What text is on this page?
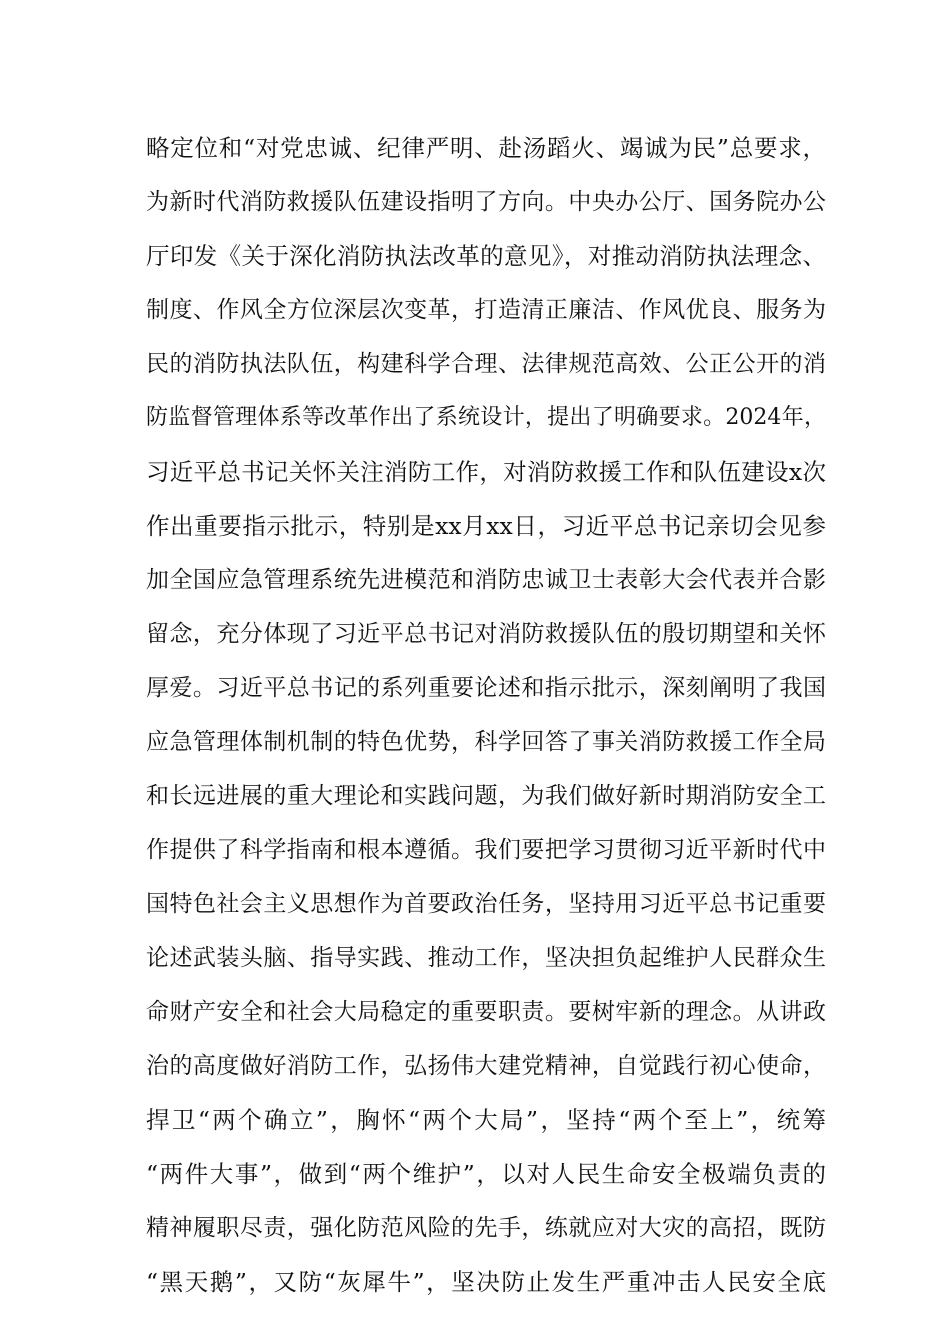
略定位和“对党忠诚、纪律严明、赴汤蹈火、竭诚为民”总要求，
为新时代消防救援队伍建设指明了方向。中央办公厅、国务院办公
厅印发《关于深化消防执法改革的意见》，对推动消防执法理念、
制度、作风全方位深层次变革，打造清正廉洁、作风优良、服务为
民的消防执法队伍，构建科学合理、法律规范高效、公正公开的消
防监督管理体系等改革作出了系统设计，提出了明确要求。2024年，
习近平总书记关怀关注消防工作，对消防救援工作和队伍建设x次
作出重要指示批示，特别是xx月xx日，习近平总书记亲切会见参
加全国应急管理系统先进模范和消防忠诚卫士表彰大会代表并合影
留念，充分体现了习近平总书记对消防救援队伍的殷切期望和关怀
厚爱。习近平总书记的系列重要论述和指示批示，深刻阐明了我国
应急管理体制机制的特色优势，科学回答了事关消防救援工作全局
和长远进展的重大理论和实践问题，为我们做好新时期消防安全工
作提供了科学指南和根本遵循。我们要把学习贯彻习近平新时代中
国特色社会主义思想作为首要政治任务，坚持用习近平总书记重要
论述武装头脑、指导实践、推动工作，坚决担负起维护人民群众生
命财产安全和社会大局稳定的重要职责。要树牢新的理念。从讲政
治的高度做好消防工作，弘扬伟大建党精神，自觉践行初心使命，
捍卫“两个确立”，胸怀“两个大局”，坚持“两个至上”，统筹
“两件大事”，做到“两个维护”，以对人民生命安全极端负责的
精神履职尽责，强化防范风险的先手，练就应对大灾的高招，既防
“黑天鹅”，又防“灰犀牛”，坚决防止发生严重冲击人民安全底
